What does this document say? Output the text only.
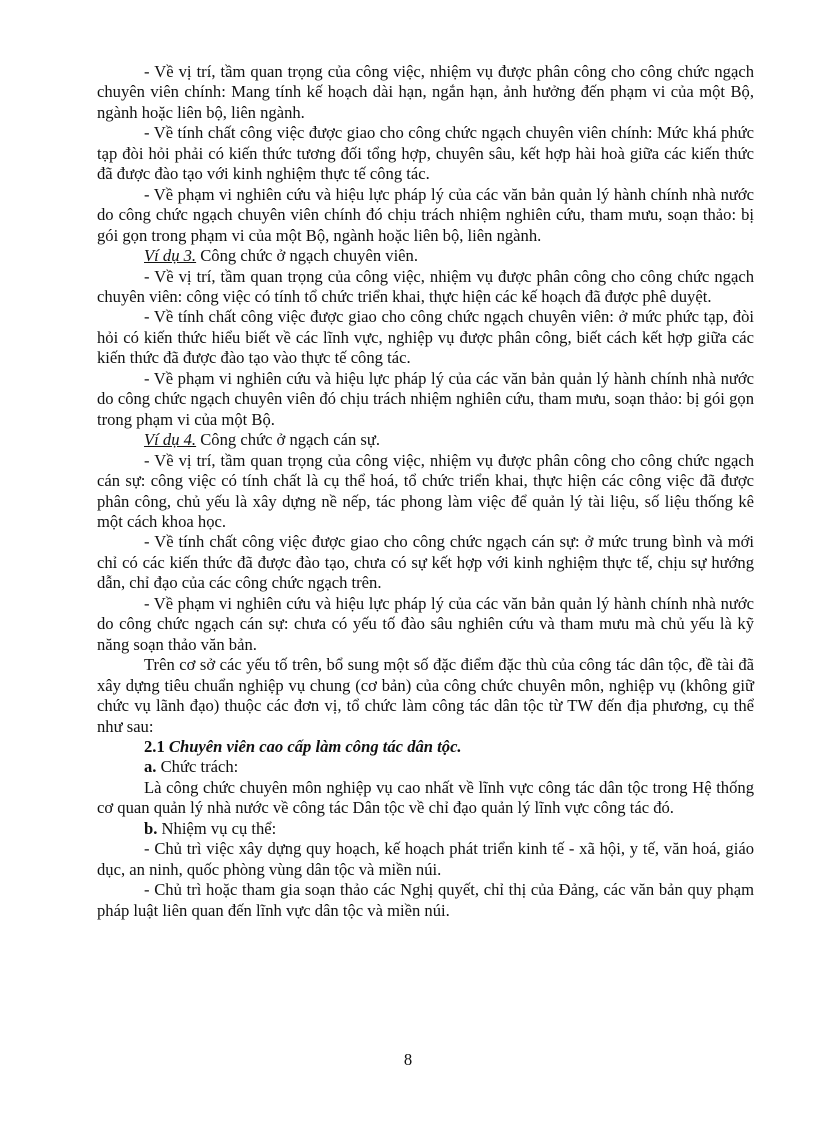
- Về vị trí, tầm quan trọng của công việc, nhiệm vụ được phân công cho công chức ngạch chuyên viên chính: Mang tính kế hoạch dài hạn, ngắn hạn, ảnh hưởng đến phạm vi của một Bộ, ngành hoặc liên bộ, liên ngành.

- Về tính chất công việc được giao cho công chức ngạch chuyên viên chính: Mức khá phức tạp đòi hỏi phải có kiến thức tương đối tổng hợp, chuyên sâu, kết hợp hài hoà giữa các kiến thức đã được đào tạo với kinh nghiệm thực tế công tác.

- Về phạm vi nghiên cứu và hiệu lực pháp lý của các văn bản quản lý hành chính nhà nước do công chức ngạch chuyên viên chính đó chịu trách nhiệm nghiên cứu, tham mưu, soạn thảo: bị gói gọn trong phạm vi của một Bộ, ngành hoặc liên bộ, liên ngành.

Ví dụ 3. Công chức ở ngạch chuyên viên.

- Về vị trí, tầm quan trọng của công việc, nhiệm vụ được phân công cho công chức ngạch chuyên viên: công việc có tính tổ chức triển khai, thực hiện các kế hoạch đã được phê duyệt.

- Về tính chất công việc được giao cho công chức ngạch chuyên viên: ở mức phức tạp, đòi hỏi có kiến thức hiểu biết về các lĩnh vực, nghiệp vụ được phân công, biết cách kết hợp giữa các kiến thức đã được đào tạo vào thực tế công tác.

- Về phạm vi nghiên cứu và hiệu lực pháp lý của các văn bản quản lý hành chính nhà nước do công chức ngạch chuyên viên đó chịu trách nhiệm nghiên cứu, tham mưu, soạn thảo: bị gói gọn trong phạm vi của một Bộ.

Ví dụ 4. Công chức ở ngạch cán sự.

- Về vị trí, tầm quan trọng của công việc, nhiệm vụ được phân công cho công chức ngạch cán sự: công việc có tính chất là cụ thể hoá, tổ chức triển khai, thực hiện các công việc đã được phân công, chủ yếu là xây dựng nề nếp, tác phong làm việc để quản lý tài liệu, số liệu thống kê một cách khoa học.

- Về tính chất công việc được giao cho công chức ngạch cán sự: ở mức trung bình và mới chỉ có các kiến thức đã được đào tạo, chưa có sự kết hợp với kinh nghiệm thực tế, chịu sự hướng dẫn, chỉ đạo của các công chức ngạch trên.

- Về phạm vi nghiên cứu và hiệu lực pháp lý của các văn bản quản lý hành chính nhà nước do công chức ngạch cán sự: chưa có yếu tố đào sâu nghiên cứu và tham mưu mà chủ yếu là kỹ năng soạn thảo văn bản.

Trên cơ sở các yếu tố trên, bổ sung một số đặc điểm đặc thù của công tác dân tộc, đề tài đã xây dựng tiêu chuẩn nghiệp vụ chung (cơ bản) của công chức chuyên môn, nghiệp vụ (không giữ chức vụ lãnh đạo) thuộc các đơn vị, tổ chức làm công tác dân tộc từ TW đến địa phương, cụ thể như sau:

2.1 Chuyên viên cao cấp làm công tác dân tộc.

a. Chức trách:

Là công chức chuyên môn nghiệp vụ cao nhất về lĩnh vực công tác dân tộc trong Hệ thống cơ quan quản lý nhà nước về công tác Dân tộc về chỉ đạo quản lý lĩnh vực công tác đó.

b. Nhiệm vụ cụ thể:

- Chủ trì việc xây dựng quy hoạch, kế hoạch phát triển kinh tế - xã hội, y tế, văn hoá, giáo dục, an ninh, quốc phòng vùng dân tộc và miền núi.

- Chủ trì hoặc tham gia soạn thảo các Nghị quyết, chỉ thị của Đảng, các văn bản quy phạm pháp luật liên quan đến lĩnh vực dân tộc và miền núi.

8
